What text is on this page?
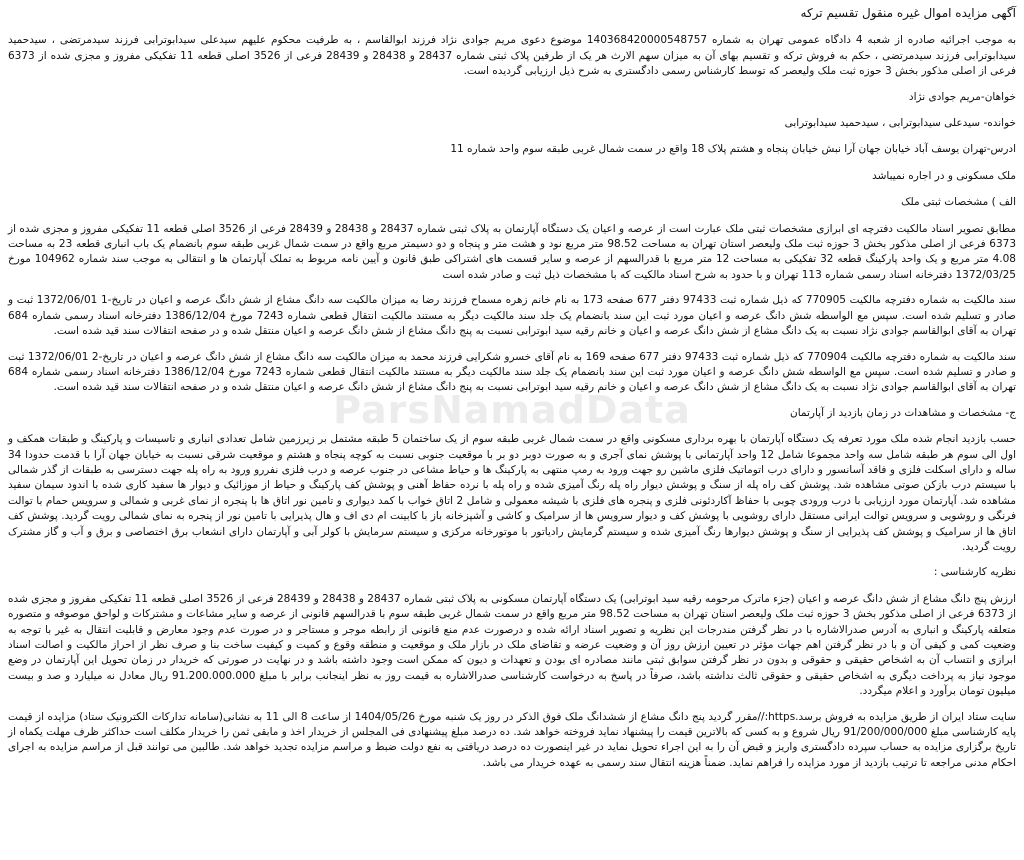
آگهی مزایده اموال غیره منقول تقسیم ترکه

به موجب اجرائیه صادره از شعبه 4 دادگاه عمومی تهران به شماره 140368420000548757 موضوع دعوی مریم جوادی نژاد فرزند ابوالقاسم ، به طرفیت محکوم علیهم سیدعلی سیدابوترابی فرزند سیدمرتضی ، سیدحمید سیدابوترابی فرزند سیدمرتضی ، حکم به فروش ترکه و تقسیم بهای آن به میزان سهم الارث هر یک از طرفین پلاک ثبتی شماره 28437 و 28438 و 28439 فرعی از 3526 اصلی قطعه 11 تفکیکی مفروز و مجزی شده از 6373 فرعی از اصلی مذکور بخش 3 حوزه ثبت ملک ولیعصر که توسط کارشناس رسمی دادگستری به شرح ذیل ارزیابی گردیده است.

خواهان-مریم جوادی نژاد

خوانده- سیدعلی سیدابوترابی ، سیدحمید سیدابوترابی

ادرس-تهران یوسف آباد خیابان جهان آرا نبش خیابان پنجاه و هشتم پلاک 18 واقع در سمت شمال غربی طبقه سوم واحد شماره 11

ملک مسکونی و در اجاره نمیباشد

الف ) مشخصات ثبتی ملک

مطابق تصویر اسناد مالکیت دفترچه ای ابرازی مشخصات ثبتی ملک عبارت است از عرصه و اعیان یک دستگاه آپارتمان به پلاک ثبتی شماره 28437 و 28438 و 28439 فرعی از 3526 اصلی قطعه 11 تفکیکی مفروز و مجزی شده از 6373 فرعی از اصلی مذکور بخش 3 حوزه ثبت ملک ولیعصر استان تهران به مساحت 98.52 متر مربع نود و هشت متر و پنجاه و دو دسیمتر مربع واقع در سمت شمال غربی طبقه سوم بانضمام یک باب انباری قطعه 23 به مساحت 4.08 متر مربع و یک واحد پارکینگ قطعه 32 تفکیکی به مساحت 12 متر مربع با قدرالسهم از عرصه و سایر قسمت های اشتراکی طبق قانون و آیین نامه مربوط به تملک آپارتمان ها و انتقالی به موجب سند شماره 104962 مورخ 1372/03/25 دفترخانه اسناد رسمی شماره 113 تهران و با حدود به شرح اسناد مالکیت که با مشخصات ذیل ثبت و صادر شده است

سند مالکیت به شماره دفترچه مالکیت 770905 که ذیل شماره ثبت 97433 دفتر 677 صفحه 173 به نام خانم زهره مسماح فرزند رضا به میزان مالکیت سه دانگ مشاع از شش دانگ عرصه و اعیان در تاریخ-1 1372/06/01 ثبت و صادر و تسلیم شده است. سپس مع الواسطه شش دانگ عرصه و اعیان مورد ثبت این سند بانضمام یک جلد سند مالکیت دیگر به مستند مالکیت انتقال قطعی شماره 7243 مورخ 1386/12/04 دفترخانه اسناد رسمی شماره 684 تهران به آقای ابوالقاسم جوادی نژاد نسبت به یک دانگ مشاع از شش دانگ عرصه و اعیان و خانم رقیه سید ابوترابی نسبت به پنج دانگ مشاع از شش دانگ عرصه و اعیان منتقل شده و در صفحه انتقالات سند قید شده است.

سند مالکیت به شماره دفترچه مالکیت 770904 که ذیل شماره ثبت 97433 دفتر 677 صفحه 169 به نام آقای خسرو شکرایی فرزند محمد به میزان مالکیت سه دانگ مشاع از شش دانگ عرصه و اعیان در تاریخ-2 1372/06/01 ثبت و صادر و تسلیم شده است. سپس مع الواسطه شش دانگ عرصه و اعیان مورد ثبت این سند بانضمام یک جلد سند مالکیت دیگر به مستند مالکیت انتقال قطعی شماره 7243 مورخ 1386/12/04 دفترخانه اسناد رسمی شماره 684 تهران به آقای ابوالقاسم جوادی نژاد نسبت به یک دانگ مشاع از شش دانگ عرصه و اعیان و خانم رقیه سید ابوترابی نسبت به پنج دانگ مشاع از شش دانگ عرصه و اعیان منتقل شده و در صفحه انتقالات سند قید شده است.

ج- مشخصات و مشاهدات در زمان بازدید از آپارتمان

حسب بازدید انجام شده ملک مورد تعرفه یک دستگاه آپارتمان با بهره برداری مسکونی واقع در سمت شمال غربی طبقه سوم از یک ساختمان 5 طبقه مشتمل بر زیرزمین شامل تعدادی انباری و تاسیسات و پارکینگ و طبقات همکف و اول الی سوم هر طبقه شامل سه واحد مجموعا شامل 12 واحد آپارتمانی با پوشش نمای آجری و به صورت دوبر دو بر با موقعیت جنوبی نسبت به کوچه پنجاه و هشتم و موقعیت شرقی نسبت به خیابان جهان آرا با قدمت حدودا 34 ساله و دارای اسکلت فلزی و فاقد آسانسور و دارای درب اتوماتیک فلزی ماشین رو جهت ورود به رمپ منتهی به پارکینگ ها و حیاط مشاعی در جنوب عرصه و درب فلزی نفررو ورود به راه پله جهت دسترسی به طبقات از گذر شمالی با سیستم درب بازکن صوتی مشاهده شد. پوشش کف راه پله از سنگ و پوشش دیوار راه پله رنگ آمیزی شده و راه پله با نرده حفاظ آهنی و پوشش کف پارکینگ و حیاط از موزائیک و دیوار ها سفید کاری شده با اندود سیمان سفید مشاهده شد. آپارتمان مورد ارزیابی با درب ورودی چوبی با حفاظ آکاردئونی فلزی و پنجره های فلزی با شیشه معمولی و شامل 2 اتاق خواب با کمد دیواری و تامین نور اتاق ها با پنجره از نمای غربی و شمالی و سرویس حمام با توالت فرنگی و روشویی و سرویس توالت ایرانی مستقل دارای روشویی با پوشش کف و دیوار سرویس ها از سرامیک و کاشی و آشپزخانه باز با کابینت ام دی اف و هال پذیرایی با تامین نور از پنجره به نمای شمالی رویت گردید. پوشش کف اتاق ها از سرامیک و پوشش کف پذیرایی از سنگ و پوشش دیوارها رنگ آمیزی شده و سیستم گرمایش رادیاتور با موتورخانه مرکزی و سیستم سرمایش با کولر آبی و آپارتمان دارای انشعاب برق اختصاصی و برق و آب و گاز مشترک رویت گردید.

نظریه کارشناسی :

ارزش پنج دانگ مشاع از شش دانگ عرصه و اعیان (جزء ماترک مرحومه رقیه سید ابوترابی) یک دستگاه آپارتمان مسکونی به پلاک ثبتی شماره 28437 و 28438 و 28439 فرعی از 3526 اصلی قطعه 11 تفکیکی مفروز و مجزی شده از 6373 فرعی از اصلی مذکور بخش 3 حوزه ثبت ملک ولیعصر استان تهران به مساحت 98.52 متر مربع واقع در سمت شمال غربی طبقه سوم با قدرالسهم قانونی از عرصه و سایر مشاعات و مشترکات و لواحق موصوفه و متصوره متعلقه پارکینگ و انباری به آدرس صدرالاشاره با در نظر گرفتن مندرجات این نظریه و تصویر اسناد ارائه شده و درصورت عدم منع قانونی از رابطه موجر و مستاجر و در صورت عدم وجود معارض و قابلیت انتقال به غیر با توجه به وضعیت کمی و کیفی آن و با در نظر گرفتن اهم جهات مؤثر در تعیین ارزش روز آن و وضعیت عرضه و تقاضای ملک در بازار ملک و موقعیت و منطقه وقوع و کمیت و کیفیت ساخت بنا و صرف نظر از احراز مالکیت و اصالت اسناد ابرازی و انتساب آن به اشخاص حقیقی و حقوقی و بدون در نظر گرفتن سوابق ثبتی مانند مصادره ای بودن و تعهدات و دیون که ممکن است وجود داشته باشد و در نهایت در صورتی که خریدار در زمان تحویل این آپارتمان در وضع موجود نیاز به پرداخت دیگری به اشخاص حقیقی و حقوقی ثالث نداشته باشد، صرفاً در پاسخ به درخواست کارشناسی صدرالاشاره به قیمت روز به نظر اینجانب برابر با مبلغ 91.200.000.000 ریال معادل نه میلیارد و صد و بیست میلیون تومان برآورد و اعلام میگردد.

سایت ستاد ایران از طریق مزایده به فروش برسد.https://مقرر گردید پنج دانگ مشاع از ششدانگ ملک فوق الذکر در روز یک شنبه مورخ 1404/05/26 از ساعت 8 الی 11 به نشانی(سامانه تدارکات الکترونیک ستاد) مزایده از قیمت پایه کارشناسی مبلغ 91/200/000/000 ریال شروع و به کسی که بالاترین قیمت را پیشنهاد نماید فروخته خواهد شد. ده درصد مبلغ پیشنهادی فی المجلس از خریدار اخذ و مابقی ثمن را خریدار مکلف است حداکثر ظرف مهلت یکماه از تاریخ برگزاری مزایده به حساب سپرده دادگستری واریز و قبض آن را به این اجراء تحویل نماید در غیر اینصورت ده درصد دریافتی به نفع دولت ضبط و مراسم مزایده تجدید خواهد شد. طالبین می توانند قبل از مراسم مزایده به اجرای احکام مدنی مراجعه تا ترتیب بازدید از مورد مزایده را فراهم نماید. ضمناً هزینه انتقال سند رسمی به عهده خریدار می باشد.

ParsNamadData
